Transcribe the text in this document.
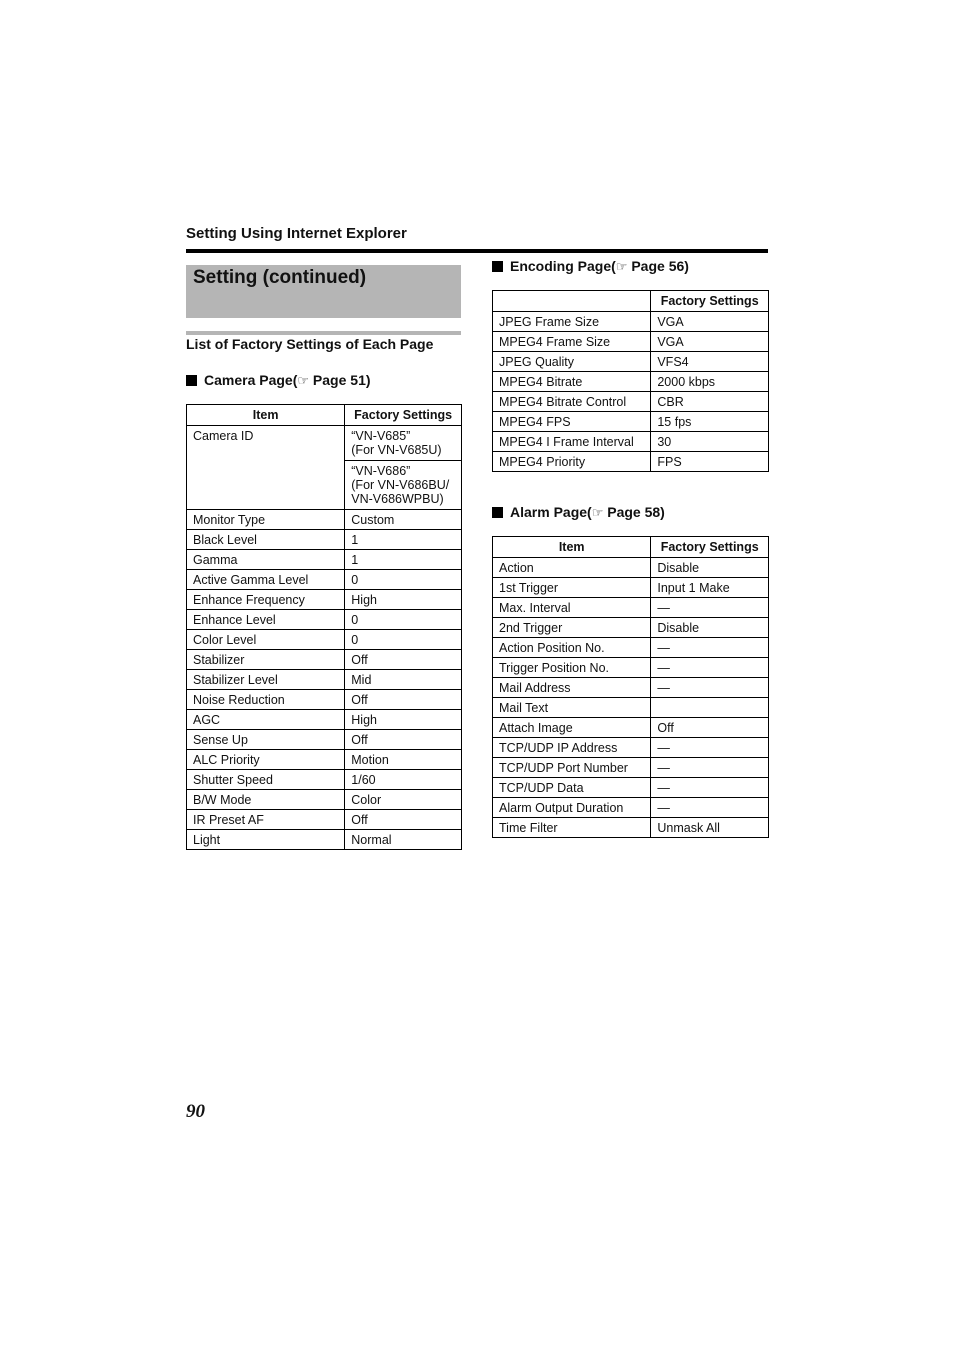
Setting Using Internet Explorer
Setting (continued)
List of Factory Settings of Each Page
Camera Page(☞ Page 51)
Item	Factory Settings
Camera ID	“VN-V685”
(For VN-V685U)
	“VN-V686”
(For VN-V686BU/
VN-V686WPBU)
Monitor Type	Custom
Black Level	1
Gamma	1
Active Gamma Level	0
Enhance Frequency	High
Enhance Level	0
Color Level	0
Stabilizer	Off
Stabilizer Level	Mid
Noise Reduction	Off
AGC	High
Sense Up	Off
ALC Priority	Motion
Shutter Speed	1/60
B/W Mode	Color
IR Preset AF	Off
Light	Normal
Encoding Page(☞ Page 56)
	Factory Settings
JPEG Frame Size	VGA
MPEG4 Frame Size	VGA
JPEG Quality	VFS4
MPEG4 Bitrate	2000 kbps
MPEG4 Bitrate Control	CBR
MPEG4 FPS	15 fps
MPEG4 I Frame Interval	30
MPEG4 Priority	FPS
Alarm Page(☞ Page 58)
Item	Factory Settings
Action	Disable
1st Trigger	Input 1 Make
Max. Interval	—
2nd Trigger	Disable
Action Position No.	—
Trigger Position No.	—
Mail Address	—
Mail Text	
Attach Image	Off
TCP/UDP IP Address	—
TCP/UDP Port Number	—
TCP/UDP Data	—
Alarm Output Duration	—
Time Filter	Unmask All
90
